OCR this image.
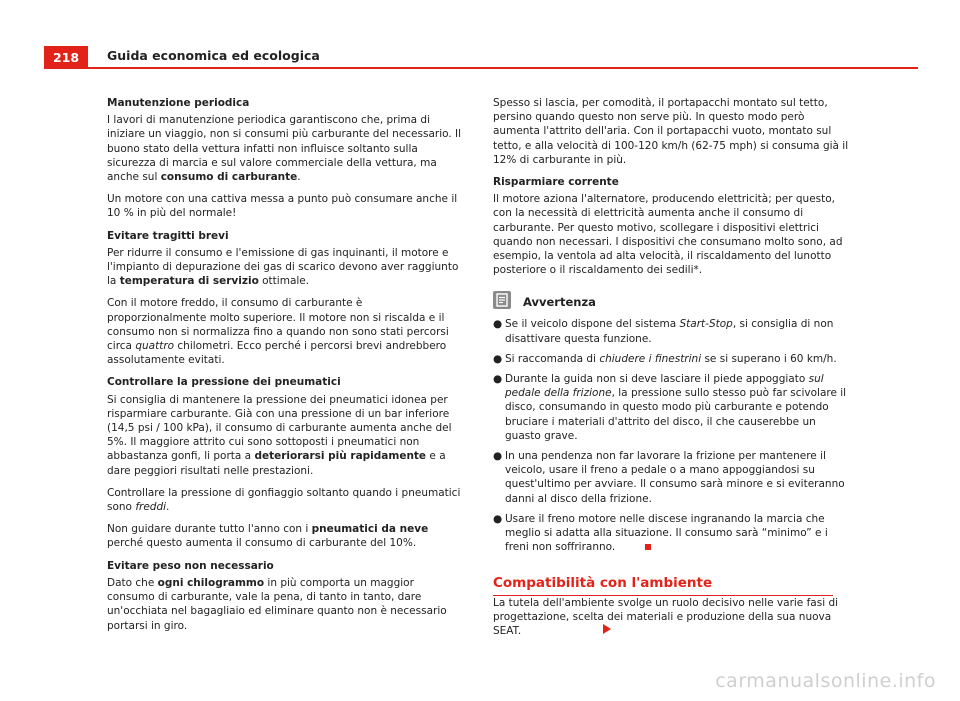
218	Guida economica ed ecologica
Manutenzione periodica

I lavori di manutenzione periodica garantiscono che, prima di iniziare un viaggio, non si consumi più carburante del necessario. Il buono stato della vettura infatti non influisce soltanto sulla sicurezza di marcia e sul valore commerciale della vettura, ma anche sul consumo di carburante.

Un motore con una cattiva messa a punto può consumare anche il 10 % in più del normale!

Evitare tragitti brevi

Per ridurre il consumo e l'emissione di gas inquinanti, il motore e l'impianto di depurazione dei gas di scarico devono aver raggiunto la temperatura di servizio ottimale.

Con il motore freddo, il consumo di carburante è proporzionalmente molto superiore. Il motore non si riscalda e il consumo non si normalizza fino a quando non sono stati percorsi circa quattro chilometri. Ecco perché i percorsi brevi andrebbero assolutamente evitati.

Controllare la pressione dei pneumatici

Si consiglia di mantenere la pressione dei pneumatici idonea per risparmiare carburante. Già con una pressione di un bar inferiore (14,5 psi / 100 kPa), il consumo di carburante aumenta anche del 5%. Il maggiore attrito cui sono sottoposti i pneumatici non abbastanza gonfi, li porta a deteriorarsi più rapidamente e a dare peggiori risultati nelle prestazioni.

Controllare la pressione di gonfiaggio soltanto quando i pneumatici sono freddi.

Non guidare durante tutto l'anno con i pneumatici da neve perché questo aumenta il consumo di carburante del 10%.

Evitare peso non necessario

Dato che ogni chilogrammo in più comporta un maggior consumo di carburante, vale la pena, di tanto in tanto, dare un'occhiata nel bagagliaio ed eliminare quanto non è necessario portarsi in giro.

Spesso si lascia, per comodità, il portapacchi montato sul tetto, persino quando questo non serve più. In questo modo però aumenta l'attrito dell'aria. Con il portapacchi vuoto, montato sul tetto, e alla velocità di 100-120 km/h (62-75 mph) si consuma già il 12% di carburante in più.

Risparmiare corrente

Il motore aziona l'alternatore, producendo elettricità; per questo, con la necessità di elettricità aumenta anche il consumo di carburante. Per questo motivo, scollegare i dispositivi elettrici quando non necessari. I dispositivi che consumano molto sono, ad esempio, la ventola ad alta velocità, il riscaldamento del lunotto posteriore o il riscaldamento dei sedili*.

Avvertenza
● Se il veicolo dispone del sistema Start-Stop, si consiglia di non disattivare questa funzione.
● Si raccomanda di chiudere i finestrini se si superano i 60 km/h.
● Durante la guida non si deve lasciare il piede appoggiato sul pedale della frizione, la pressione sullo stesso può far scivolare il disco, consumando in questo modo più carburante e potendo bruciare i materiali d'attrito del disco, il che causerebbe un guasto grave.
● In una pendenza non far lavorare la frizione per mantenere il veicolo, usare il freno a pedale o a mano appoggiandosi su quest'ultimo per avviare. Il consumo sarà minore e si eviteranno danni al disco della frizione.
● Usare il freno motore nelle discese ingranando la marcia che meglio si adatta alla situazione. Il consumo sarà “minimo” e i freni non soffriranno.
Compatibilità con l'ambiente

La tutela dell'ambiente svolge un ruolo decisivo nelle varie fasi di progettazione, scelta dei materiali e produzione della sua nuova SEAT.

carmanualsonline.info
